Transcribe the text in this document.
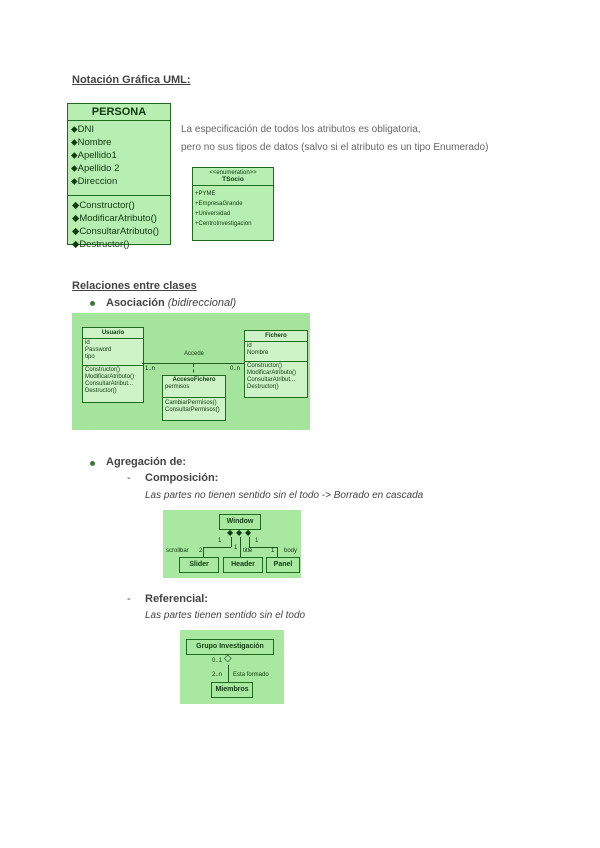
Notación Gráfica UML:
PERSONA
⬥DNI
⬥Nombre
⬥Apellido1
⬥Apellido 2
⬥Direccion
◆Constructor()
◆ModificarAtributo()
◆ConsultarAtributo()
◆Destructor()
La especificación de todos los atributos es obligatoria,
pero no sus tipos de datos (salvo si el atributo es un tipo Enumerado)
<<enumeration>>
TSocio
+PYME
+EmpresaGrande
+Universidad
+CentroInvestigacion
Relaciones entre clases
Asociación (bidireccional)
Usuario
id
Password
tipo
Constructor()
ModificarAtributo()
ConsultarAtribut...
Destructor()
Fichero
id
Nombre
Constructor()
ModificarAtributo()
ConsultarAtribut...
Destructor()
Accede
1..n	0..n
AccesoFichero
permisos
CambiarPermisos()
ConsultarPermisos()
Agregación de:
- Composición:
Las partes no tienen sentido sin el todo -> Borrado en cascada
Window
◆ ◆ ◆
1
1
1
scrollbar 2	title	1 body
Slider	Header	Panel
- Referencial:
Las partes tienen sentido sin el todo
Grupo Investigación
◇
0..1
2..n Esta formado
Miembros
